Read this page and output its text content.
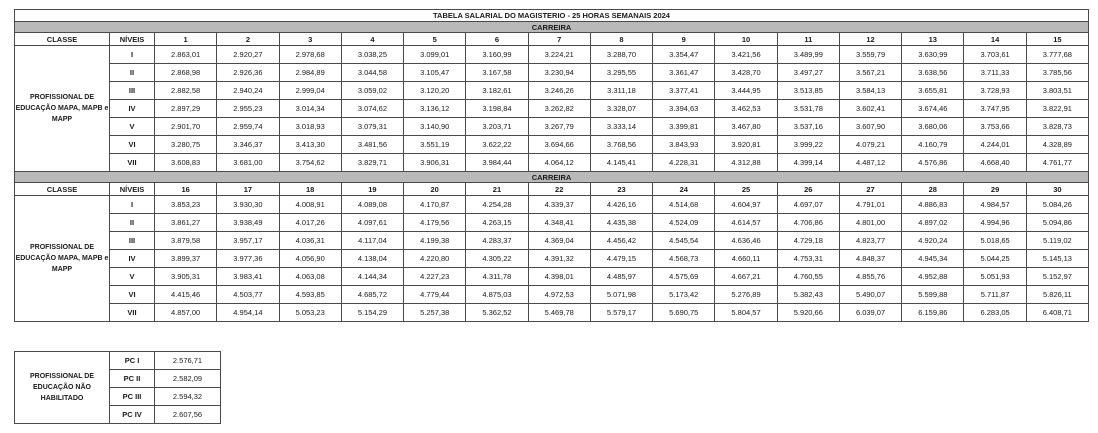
TABELA SALARIAL DO MAGISTERIO - 25 HORAS SEMANAIS 2024																
CARREIRA																
CLASSE	NÍVEIS	1	2	3	4	5	6	7	8	9	10	11	12	13	14	15
PROFISSIONAL DE EDUCAÇÃO MAPA, MAPB e MAPP	I	2.863,01	2.920,27	2.978,68	3.038,25	3.099,01	3.160,99	3.224,21	3.288,70	3.354,47	3.421,56	3.489,99	3.559,79	3.630,99	3.703,61	3.777,68
	II	2.868,98	2.926,36	2.984,89	3.044,58	3.105,47	3.167,58	3.230,94	3.295,55	3.361,47	3.428,70	3.497,27	3.567,21	3.638,56	3.711,33	3.785,56
	III	2.882,58	2.940,24	2.999,04	3.059,02	3.120,20	3.182,61	3.246,26	3.311,18	3.377,41	3.444,95	3.513,85	3.584,13	3.655,81	3.728,93	3.803,51
	IV	2.897,29	2.955,23	3.014,34	3.074,62	3.136,12	3.198,84	3.262,82	3.328,07	3.394,63	3.462,53	3.531,78	3.602,41	3.674,46	3.747,95	3.822,91
	V	2.901,70	2.959,74	3.018,93	3.079,31	3.140,90	3.203,71	3.267,79	3.333,14	3.399,81	3.467,80	3.537,16	3.607,90	3.680,06	3.753,66	3.828,73
	VI	3.280,75	3.346,37	3.413,30	3.481,56	3.551,19	3.622,22	3.694,66	3.768,56	3.843,93	3.920,81	3.999,22	4.079,21	4.160,79	4.244,01	4.328,89
	VII	3.608,83	3.681,00	3.754,62	3.829,71	3.906,31	3.984,44	4.064,12	4.145,41	4.228,31	4.312,88	4.399,14	4.487,12	4.576,86	4.668,40	4.761,77
CARREIRA																
CLASSE	NÍVEIS	16	17	18	19	20	21	22	23	24	25	26	27	28	29	30
PROFISSIONAL DE EDUCAÇÃO MAPA, MAPB e MAPP	I	3.853,23	3.930,30	4.008,91	4.089,08	4.170,87	4.254,28	4.339,37	4.426,16	4.514,68	4.604,97	4.697,07	4.791,01	4.886,83	4.984,57	5.084,26
	II	3.861,27	3.938,49	4.017,26	4.097,61	4.179,56	4.263,15	4.348,41	4.435,38	4.524,09	4.614,57	4.706,86	4.801,00	4.897,02	4.994,96	5.094,86
	III	3.879,58	3.957,17	4.036,31	4.117,04	4.199,38	4.283,37	4.369,04	4.456,42	4.545,54	4.636,46	4.729,18	4.823,77	4.920,24	5.018,65	5.119,02
	IV	3.899,37	3.977,36	4.056,90	4.138,04	4.220,80	4.305,22	4.391,32	4.479,15	4.568,73	4.660,11	4.753,31	4.848,37	4.945,34	5.044,25	5.145,13
	V	3.905,31	3.983,41	4.063,08	4.144,34	4.227,23	4.311,78	4.398,01	4.485,97	4.575,69	4.667,21	4.760,55	4.855,76	4.952,88	5.051,93	5.152,97
	VI	4.415,46	4.503,77	4.593,85	4.685,72	4.779,44	4.875,03	4.972,53	5.071,98	5.173,42	5.276,89	5.382,43	5.490,07	5.599,88	5.711,87	5.826,11
	VII	4.857,00	4.954,14	5.053,23	5.154,29	5.257,38	5.362,52	5.469,78	5.579,17	5.690,75	5.804,57	5.920,66	6.039,07	6.159,86	6.283,05	6.408,71
PROFISSIONAL DE EDUCAÇÃO NÃO HABILITADO	PC I	2.576,71
	PC II	2.582,09
	PC III	2.594,32
	PC IV	2.607,56
